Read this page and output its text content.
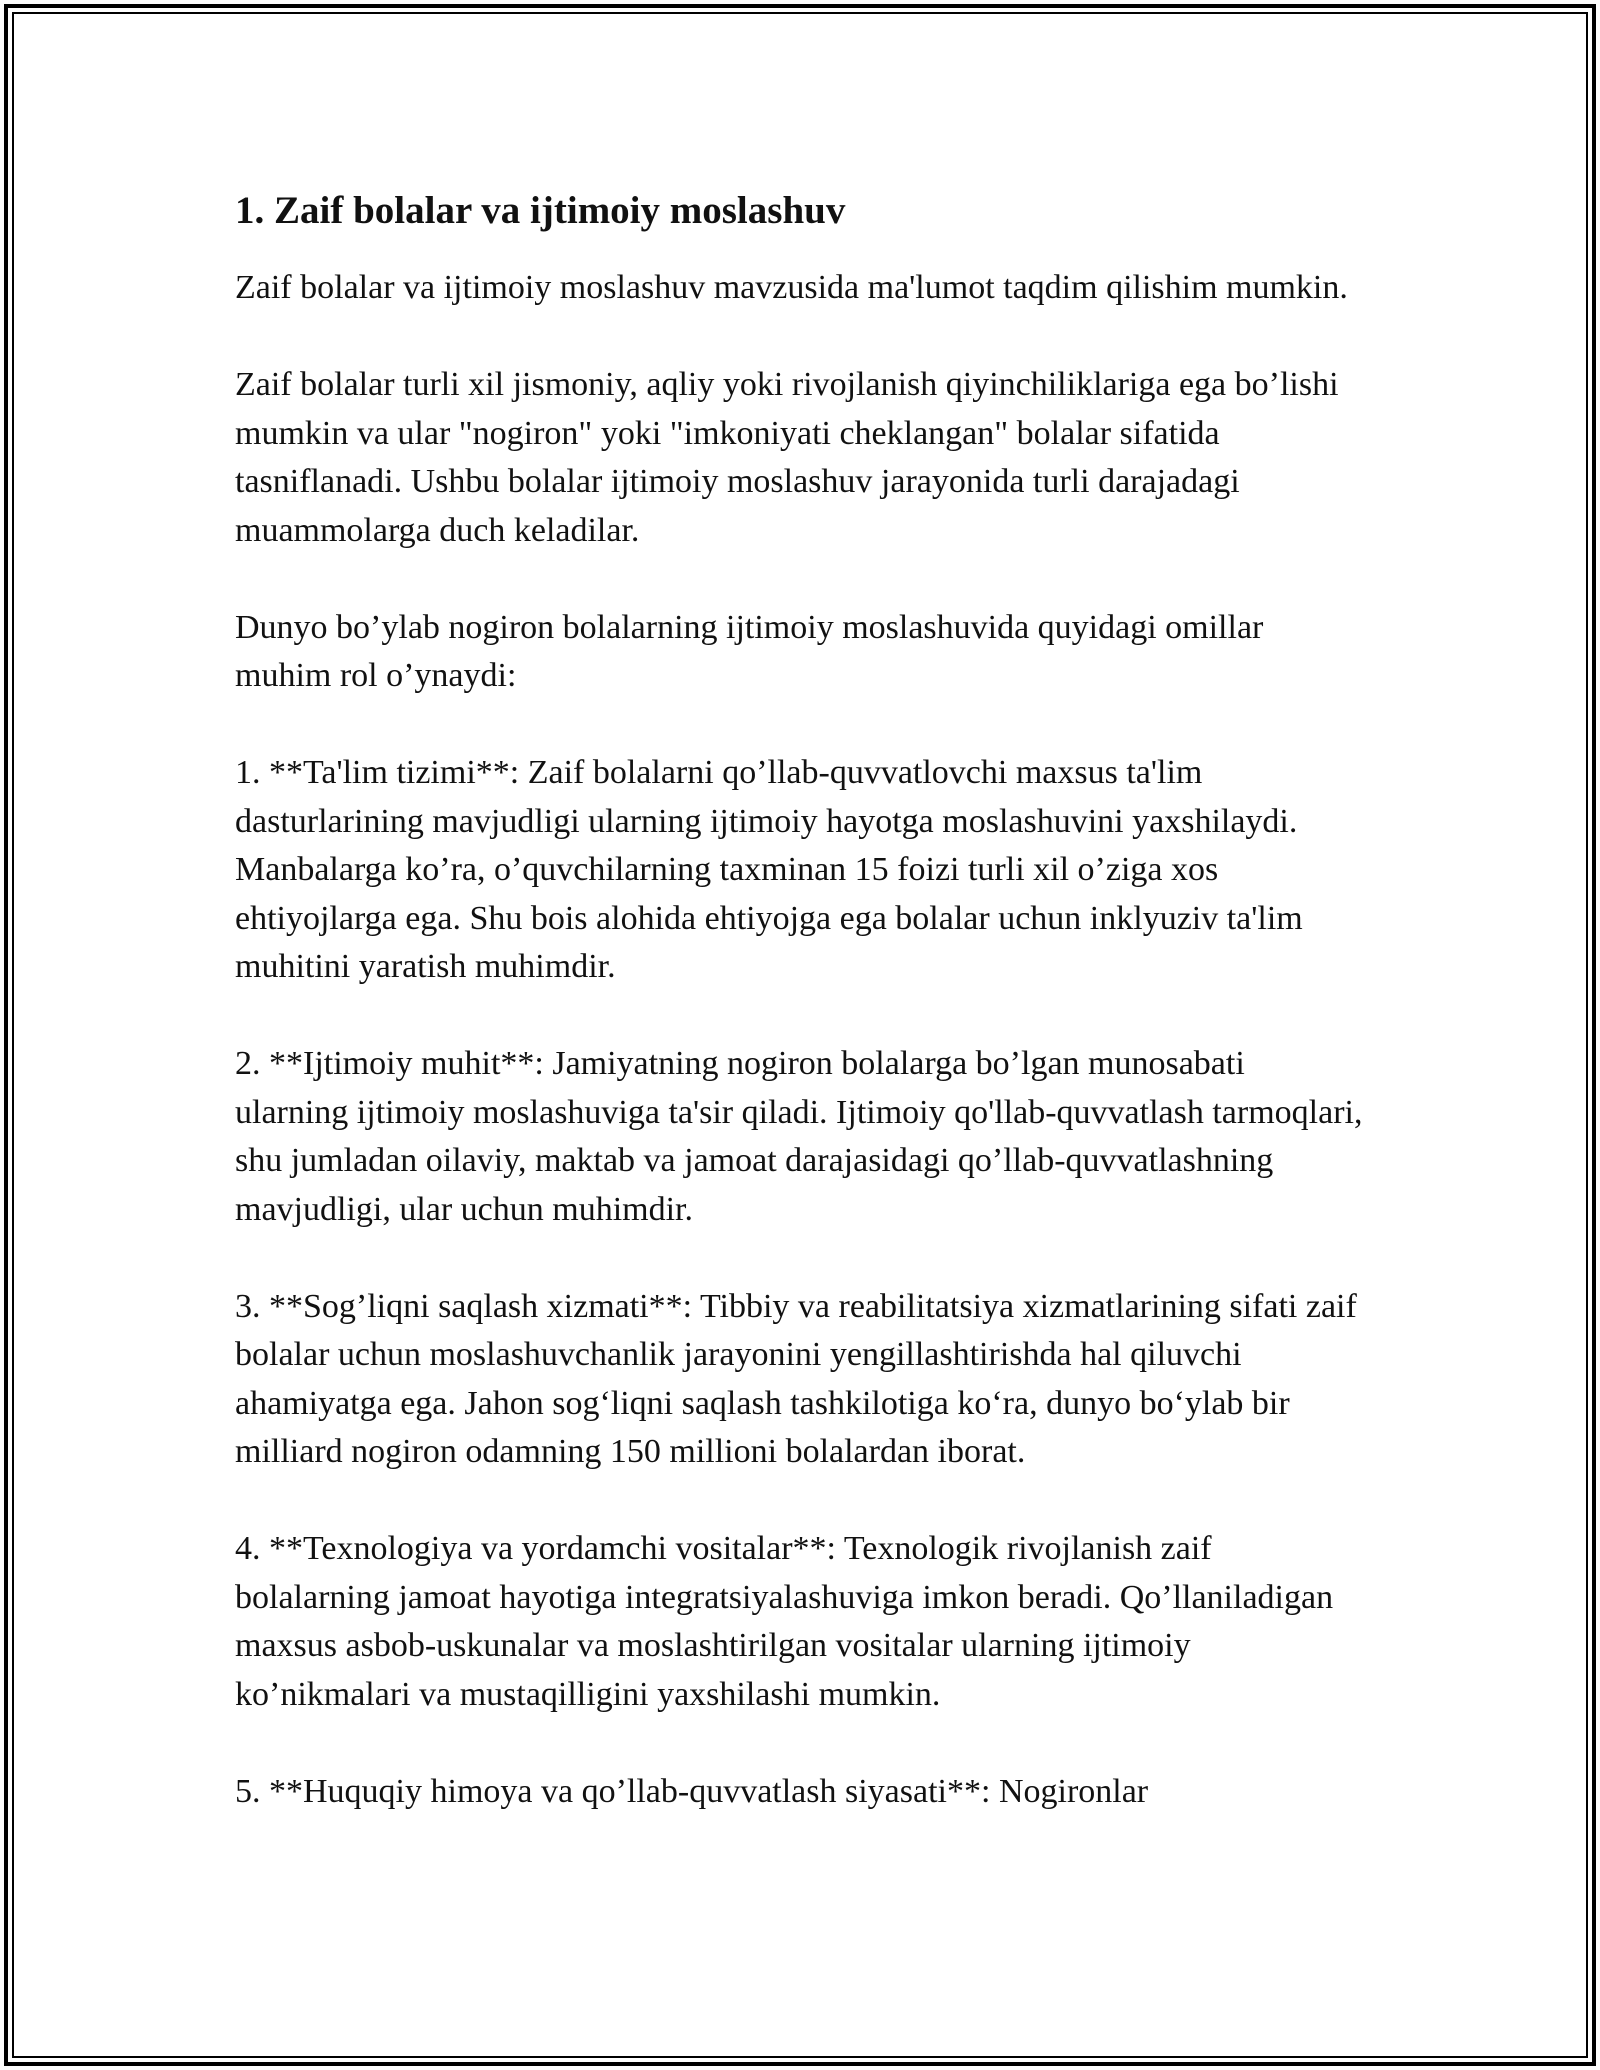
1. Zaif bolalar va ijtimoiy moslashuv

Zaif bolalar va ijtimoiy moslashuv mavzusida ma'lumot taqdim qilishim mumkin.

Zaif bolalar turli xil jismoniy, aqliy yoki rivojlanish qiyinchiliklariga ega bo’lishi mumkin va ular "nogiron" yoki "imkoniyati cheklangan" bolalar sifatida tasniflanadi. Ushbu bolalar ijtimoiy moslashuv jarayonida turli darajadagi muammolarga duch keladilar.

Dunyo bo’ylab nogiron bolalarning ijtimoiy moslashuvida quyidagi omillar muhim rol o’ynaydi:

1. **Ta'lim tizimi**: Zaif bolalarni qo’llab-quvvatlovchi maxsus ta'lim dasturlarining mavjudligi ularning ijtimoiy hayotga moslashuvini yaxshilaydi. Manbalarga ko’ra, o’quvchilarning taxminan 15 foizi turli xil o’ziga xos ehtiyojlarga ega. Shu bois alohida ehtiyojga ega bolalar uchun inklyuziv ta'lim muhitini yaratish muhimdir.

2. **Ijtimoiy muhit**: Jamiyatning nogiron bolalarga bo’lgan munosabati ularning ijtimoiy moslashuviga ta'sir qiladi. Ijtimoiy qo'llab-quvvatlash tarmoqlari, shu jumladan oilaviy, maktab va jamoat darajasidagi qo’llab-quvvatlashning mavjudligi, ular uchun muhimdir.

3. **Sog’liqni saqlash xizmati**: Tibbiy va reabilitatsiya xizmatlarining sifati zaif bolalar uchun moslashuvchanlik jarayonini yengillashtirishda hal qiluvchi ahamiyatga ega. Jahon sog‘liqni saqlash tashkilotiga ko‘ra, dunyo bo‘ylab bir milliard nogiron odamning 150 millioni bolalardan iborat.

4. **Texnologiya va yordamchi vositalar**: Texnologik rivojlanish zaif bolalarning jamoat hayotiga integratsiyalashuviga imkon beradi. Qo’llaniladigan maxsus asbob-uskunalar va moslashtirilgan vositalar ularning ijtimoiy ko’nikmalari va mustaqilligini yaxshilashi mumkin.

5. **Huquqiy himoya va qo’llab-quvvatlash siyasati**: Nogironlar
